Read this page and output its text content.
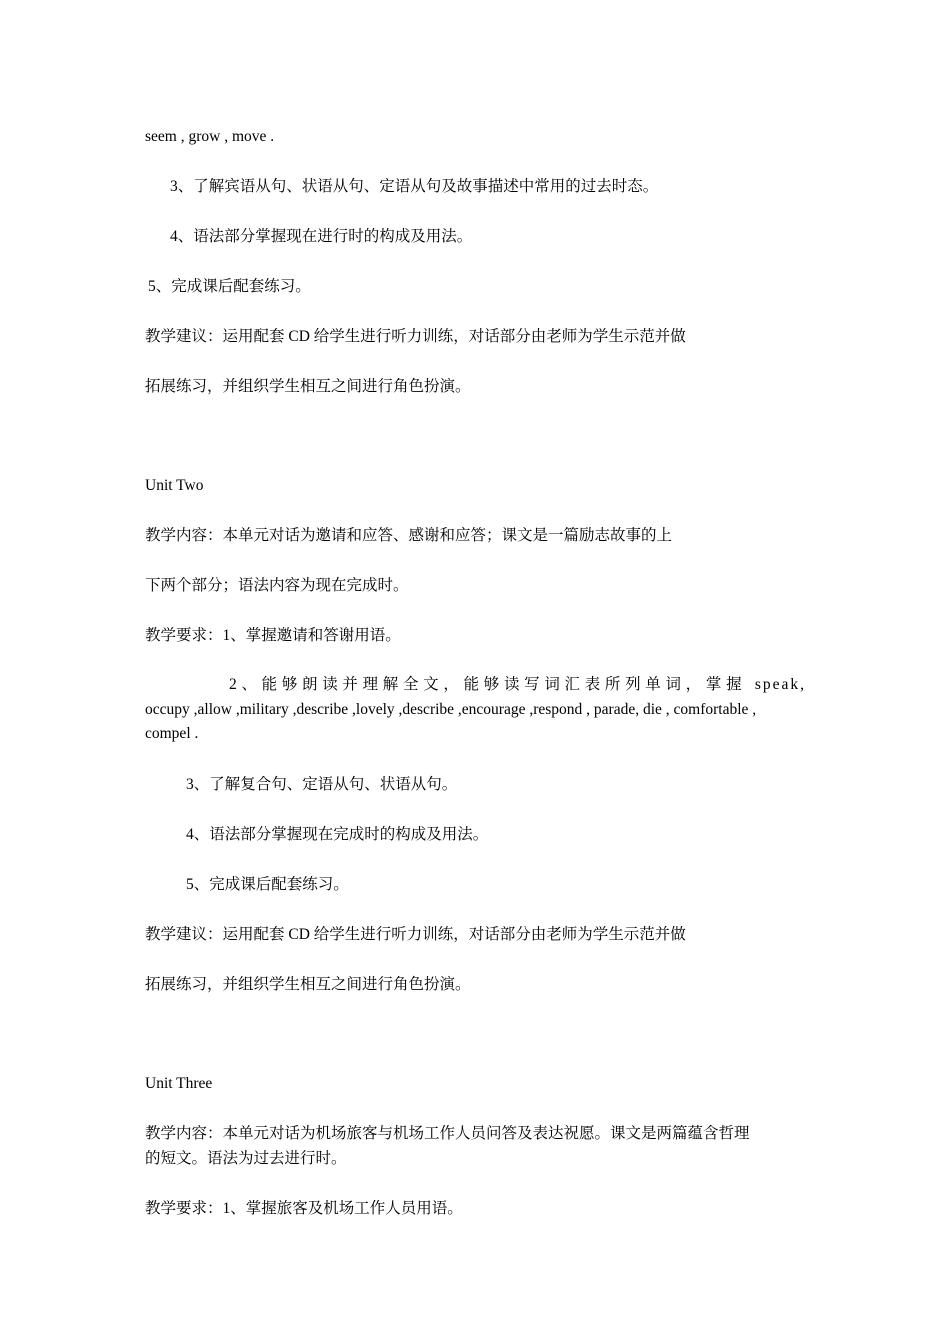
seem , grow , move .

3、了解宾语从句、状语从句、定语从句及故事描述中常用的过去时态。

4、语法部分掌握现在进行时的构成及用法。

5、完成课后配套练习。

教学建议：运用配套 CD 给学生进行听力训练，对话部分由老师为学生示范并做

拓展练习，并组织学生相互之间进行角色扮演。

Unit Two

教学内容：本单元对话为邀请和应答、感谢和应答；课文是一篇励志故事的上

下两个部分；语法内容为现在完成时。

教学要求：1、掌握邀请和答谢用语。

2、能够朗读并理解全文，能够读写词汇表所列单词，掌握 speak,
occupy ,allow ,military ,describe ,lovely ,describe ,encourage ,respond , parade, die , comfortable ,
compel .

3、了解复合句、定语从句、状语从句。

4、语法部分掌握现在完成时的构成及用法。

5、完成课后配套练习。

教学建议：运用配套 CD 给学生进行听力训练，对话部分由老师为学生示范并做

拓展练习，并组织学生相互之间进行角色扮演。

Unit Three

教学内容：本单元对话为机场旅客与机场工作人员问答及表达祝愿。课文是两篇蕴含哲理

的短文。语法为过去进行时。

教学要求：1、掌握旅客及机场工作人员用语。
